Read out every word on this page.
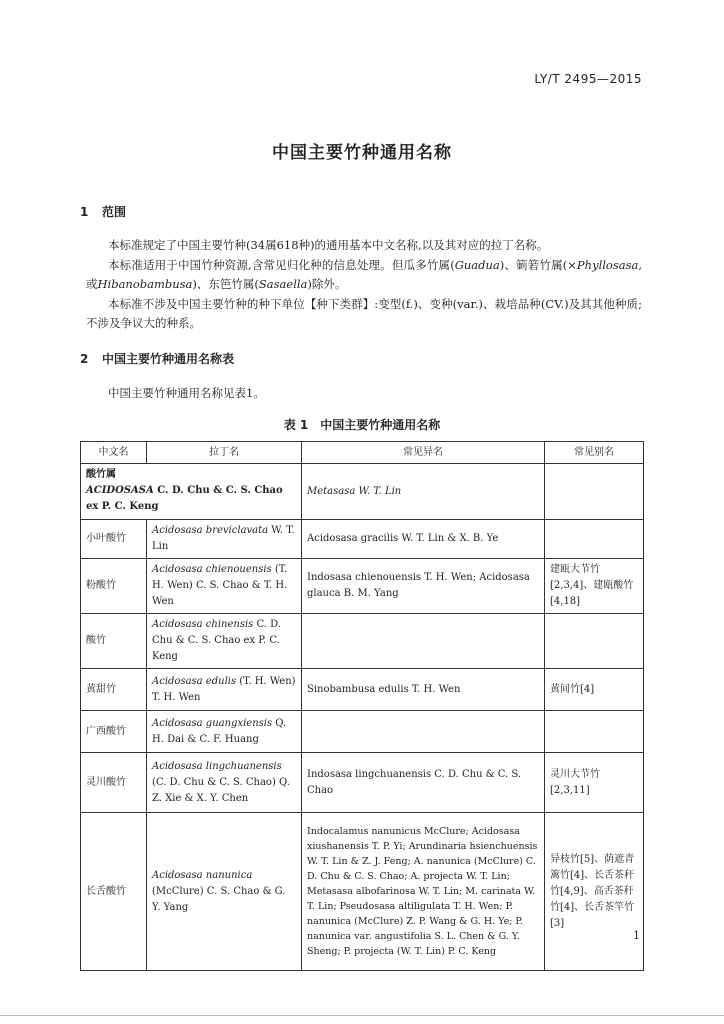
LY/T 2495—2015
中国主要竹种通用名称
1 范围
本标准规定了中国主要竹种(34属618种)的通用基本中文名称,以及其对应的拉丁名称。
本标准适用于中国竹种资源,含常见归化种的信息处理。但瓜多竹属(Guadua)、箣箬竹属(×Phyllosasa,或Hibanobambusa)、东笆竹属(Sasaella)除外。
本标准不涉及中国主要竹种的种下单位【种下类群】:变型(f.)、变种(var.)、栽培品种(CV.)及其其他种质;不涉及争议大的种系。
2 中国主要竹种通用名称表
中国主要竹种通用名称见表1。
表 1　中国主要竹种通用名称
中文名	拉丁名	常见异名	常见别名

酸竹属
ACIDOSASA C. D. Chu & C. S. Chao ex P. C. Keng		Metasasa W. T. Lin	
小叶酸竹	Acidosasa breviclavata W. T. Lin	Acidosasa gracilis W. T. Lin & X. B. Ye	
粉酸竹	Acidosasa chienouensis (T. H. Wen) C. S. Chao & T. H. Wen	Indosasa chienouensis T. H. Wen; Acidosasa glauca B. M. Yang	建瓯大节竹[2,3,4]、建瓯酸竹[4,18]
酸竹	Acidosasa chinensis C. D. Chu & C. S. Chao ex P. C. Keng		
黄甜竹	Acidosasa edulis (T. H. Wen) T. H. Wen	Sinobambusa edulis T. H. Wen	黄间竹[4]
广西酸竹	Acidosasa guangxiensis Q. H. Dai & C. F. Huang		
灵川酸竹	Acidosasa lingchuanensis (C. D. Chu & C. S. Chao) Q. Z. Xie & X. Y. Chen	Indosasa lingchuanensis C. D. Chu & C. S. Chao	灵川大节竹[2,3,11]
长舌酸竹	Acidosasa nanunica (McClure) C. S. Chao & G. Y. Yang	Indocalamus nanunicus McClure; Acidosasa xiushanensis T. P. Yi; Arundinaria hsienchuensis W. T. Lin & Z. J. Feng; A. nanunica (McClure) C. D. Chu & C. S. Chao; A. projecta W. T. Lin; Metasasa albofarinosa W. T. Lin; M. carinata W. T. Lin; Pseudosasa altiligulata T. H. Wen; P. nanunica (McClure) Z. P. Wang & G. H. Ye; P. nanunica var. angustifolia S. L. Chen & G. Y. Sheng; P. projecta (W. T. Lin) P. C. Keng	异枝竹[5]、荫遮青篱竹[4]、长舌茶秆竹[4,9]、高舌茶秆竹[4]、长舌茶竿竹[3]
1
